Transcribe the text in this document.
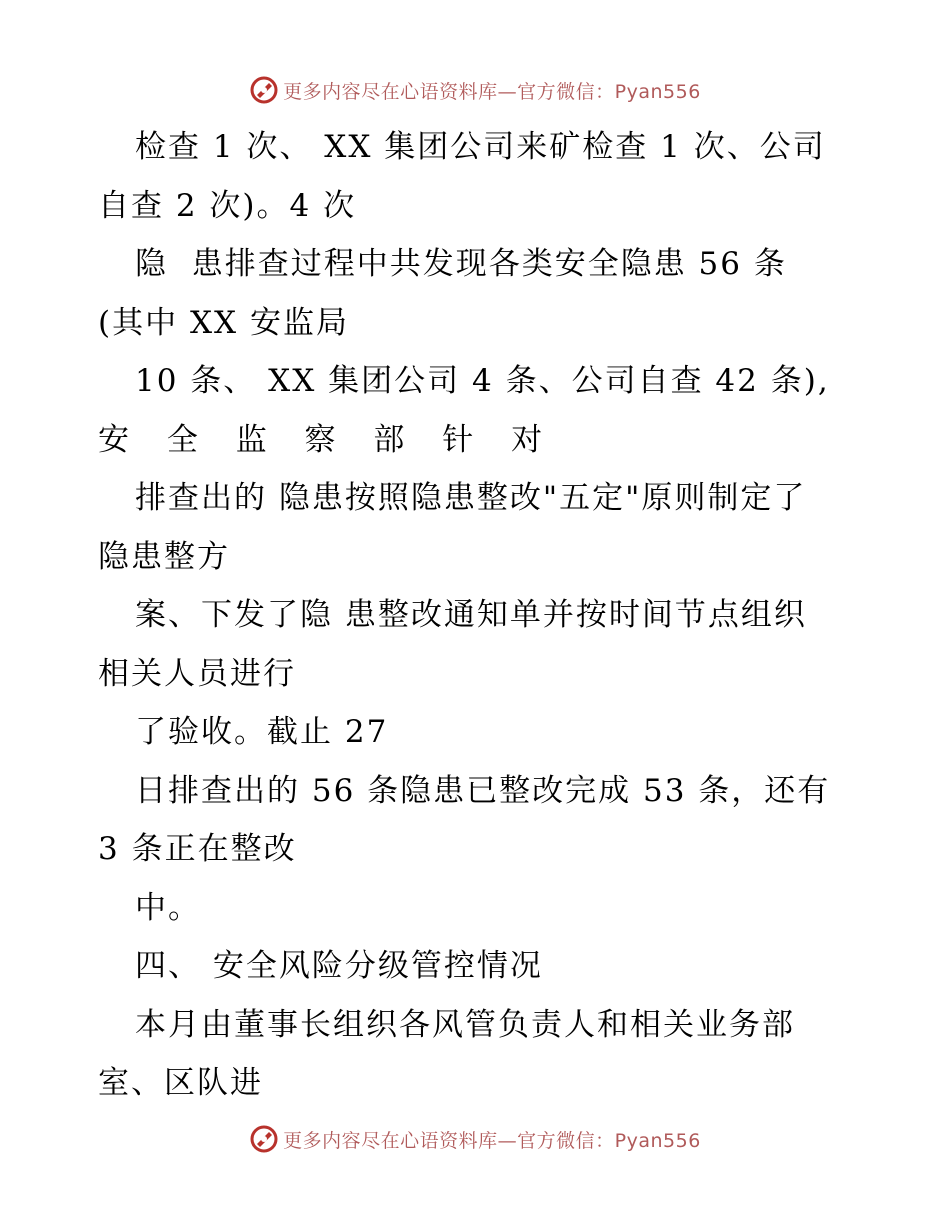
更多内容尽在心语资料库—官方微信：Pyan556
检查 1 次、 XX 集团公司来矿检查 1 次、公司
自查 2 次)。4 次
隐  患排查过程中共发现各类安全隐患 56 条
(其中 XX 安监局
10 条、 XX 集团公司 4 条、公司自查 42 条),
安 全 监 察 部 针 对
排查出的 隐患按照隐患整改"五定"原则制定了
隐患整方
案、下发了隐 患整改通知单并按时间节点组织
相关人员进行
了验收。截止 27
日排查出的 56 条隐患已整改完成 53 条，还有
3 条正在整改
中。
四、 安全风险分级管控情况
本月由董事长组织各风管负责人和相关业务部
室、区队进
更多内容尽在心语资料库—官方微信：Pyan556
